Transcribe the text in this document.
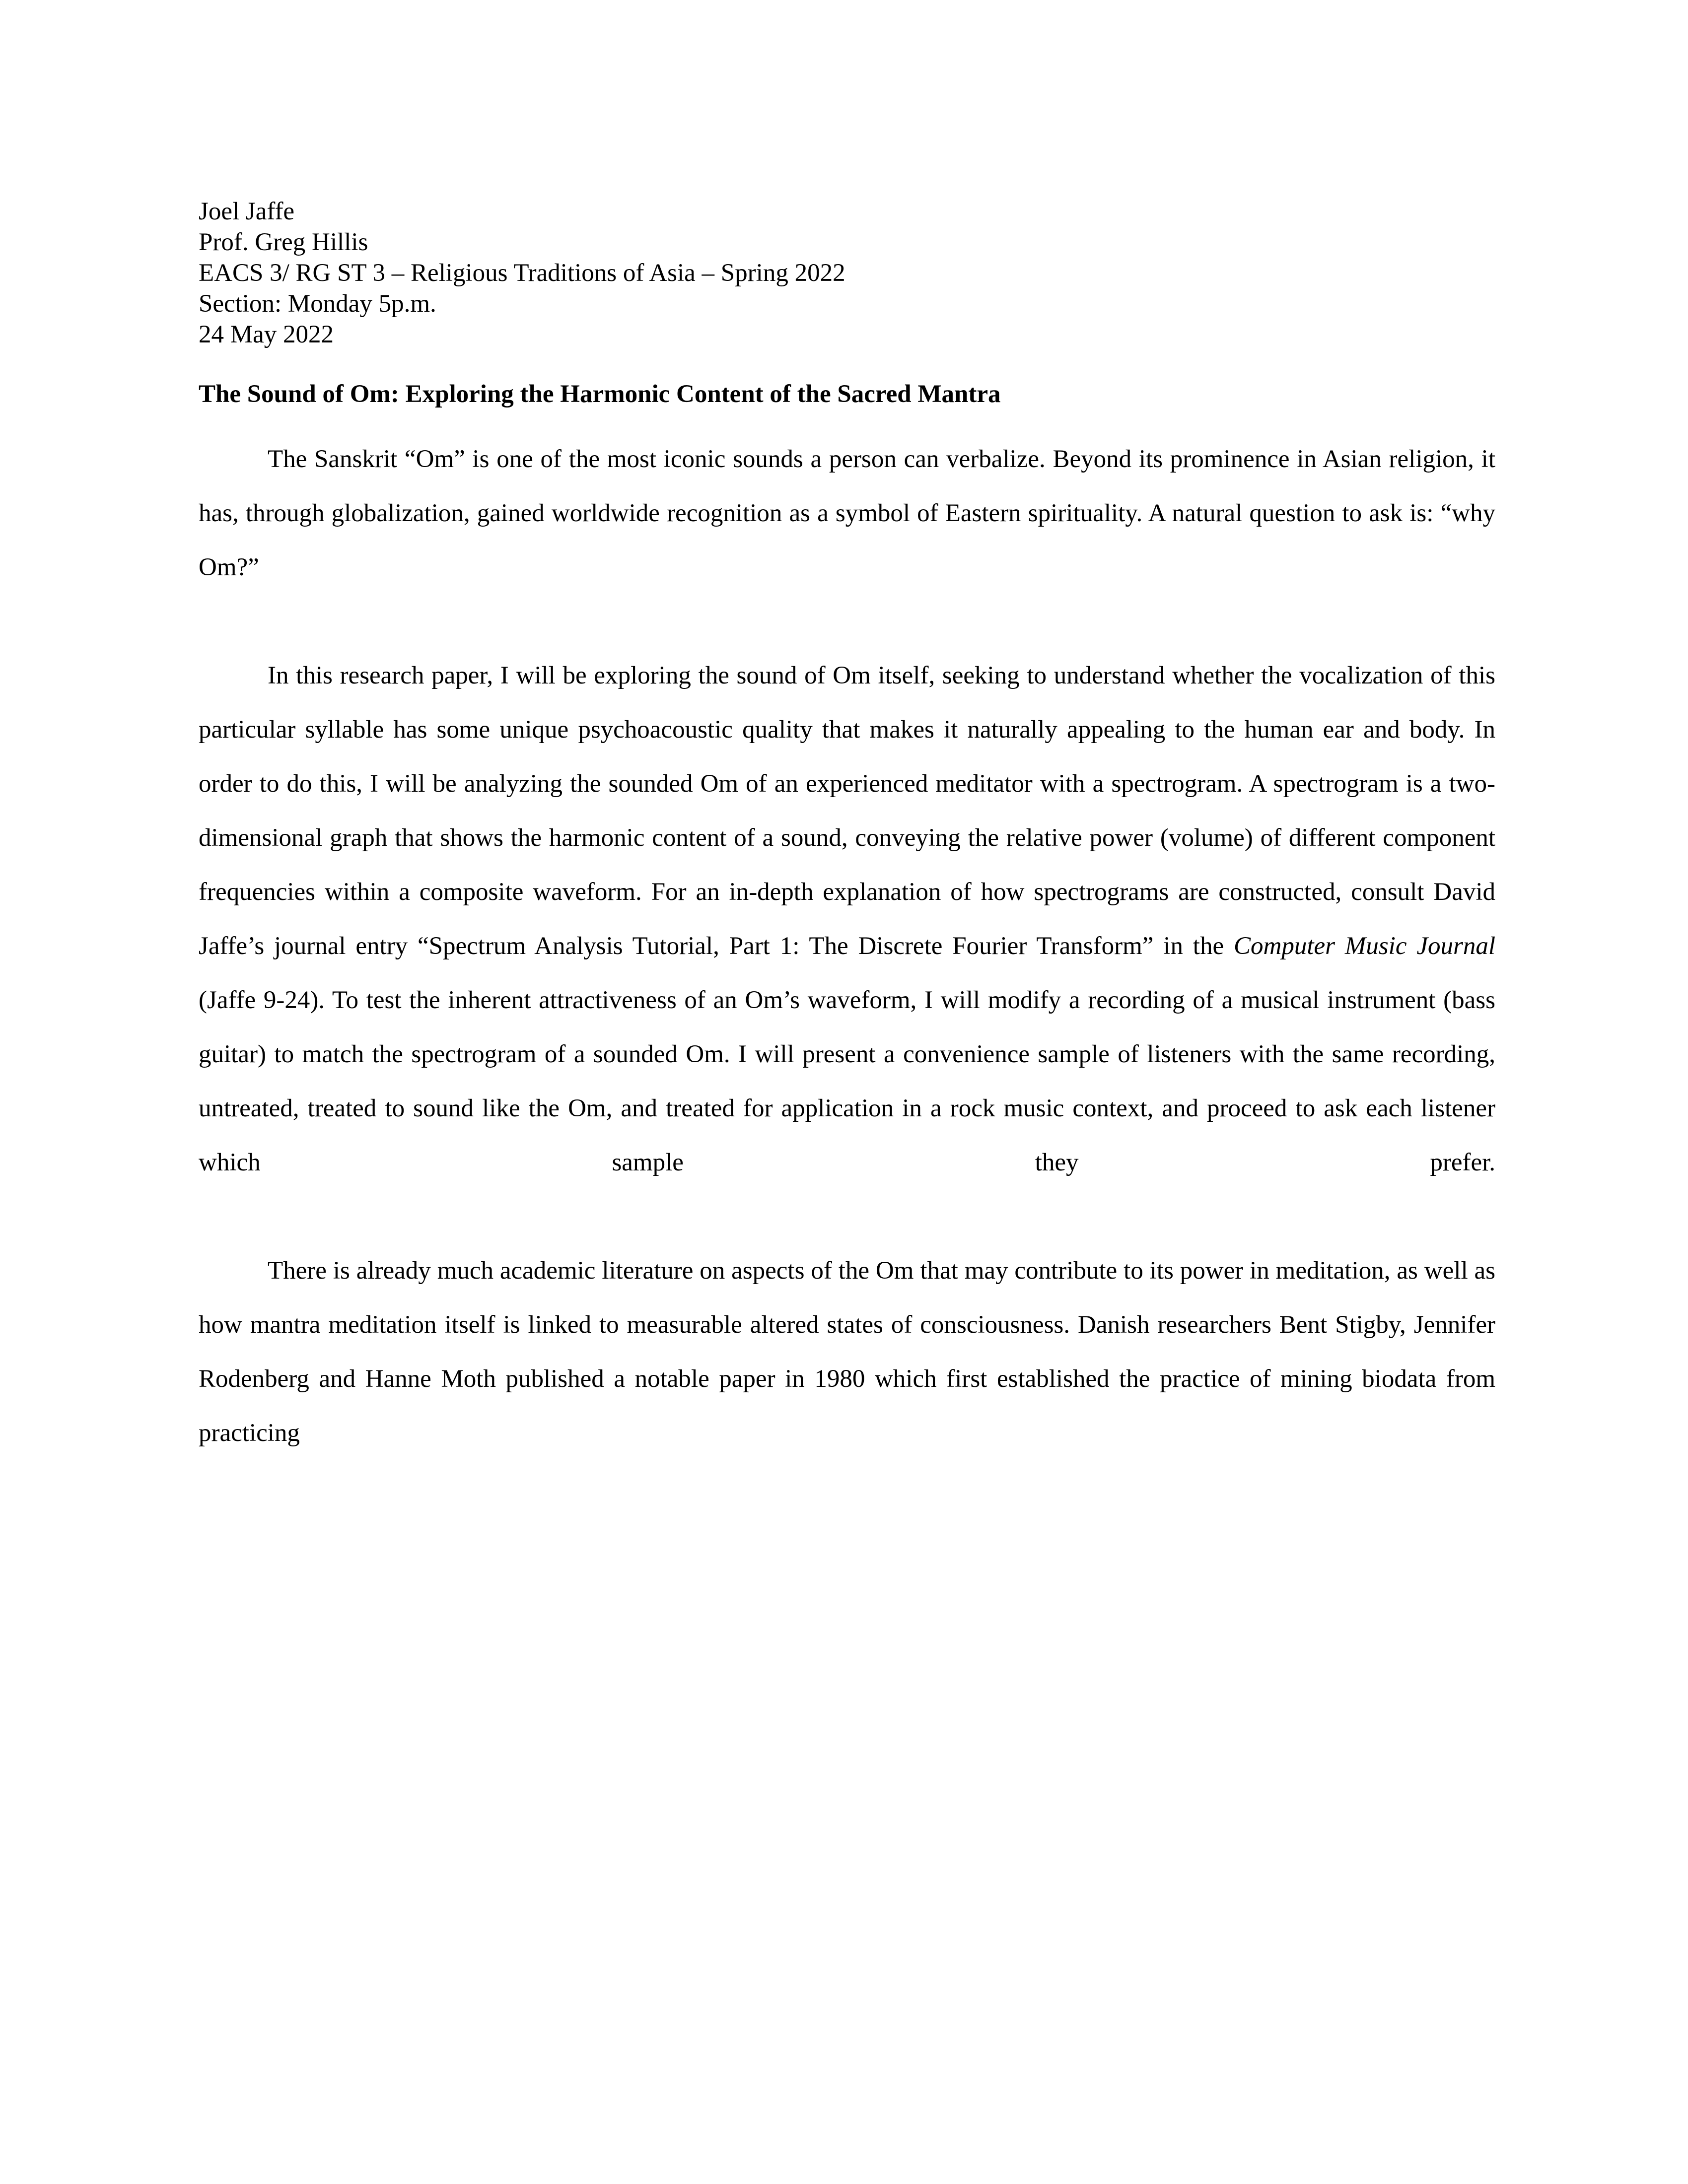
Joel Jaffe
Prof. Greg Hillis
EACS 3/ RG ST 3 – Religious Traditions of Asia – Spring 2022
Section: Monday 5p.m.
24 May 2022
The Sound of Om: Exploring the Harmonic Content of the Sacred Mantra

The Sanskrit “Om” is one of the most iconic sounds a person can verbalize. Beyond its prominence in Asian religion, it has, through globalization, gained worldwide recognition as a symbol of Eastern spirituality. A natural question to ask is: “why Om?”

In this research paper, I will be exploring the sound of Om itself, seeking to understand whether the vocalization of this particular syllable has some unique psychoacoustic quality that makes it naturally appealing to the human ear and body. In order to do this, I will be analyzing the sounded Om of an experienced meditator with a spectrogram. A spectrogram is a two-dimensional graph that shows the harmonic content of a sound, conveying the relative power (volume) of different component frequencies within a composite waveform. For an in-depth explanation of how spectrograms are constructed, consult David Jaffe’s journal entry “Spectrum Analysis Tutorial, Part 1: The Discrete Fourier Transform” in the Computer Music Journal (Jaffe 9-24). To test the inherent attractiveness of an Om’s waveform, I will modify a recording of a musical instrument (bass guitar) to match the spectrogram of a sounded Om. I will present a convenience sample of listeners with the same recording, untreated, treated to sound like the Om, and treated for application in a rock music context, and proceed to ask each listener which sample they prefer.

There is already much academic literature on aspects of the Om that may contribute to its power in meditation, as well as how mantra meditation itself is linked to measurable altered states of consciousness. Danish researchers Bent Stigby, Jennifer Rodenberg and Hanne Moth published a notable paper in 1980 which first established the practice of mining biodata from practicing
